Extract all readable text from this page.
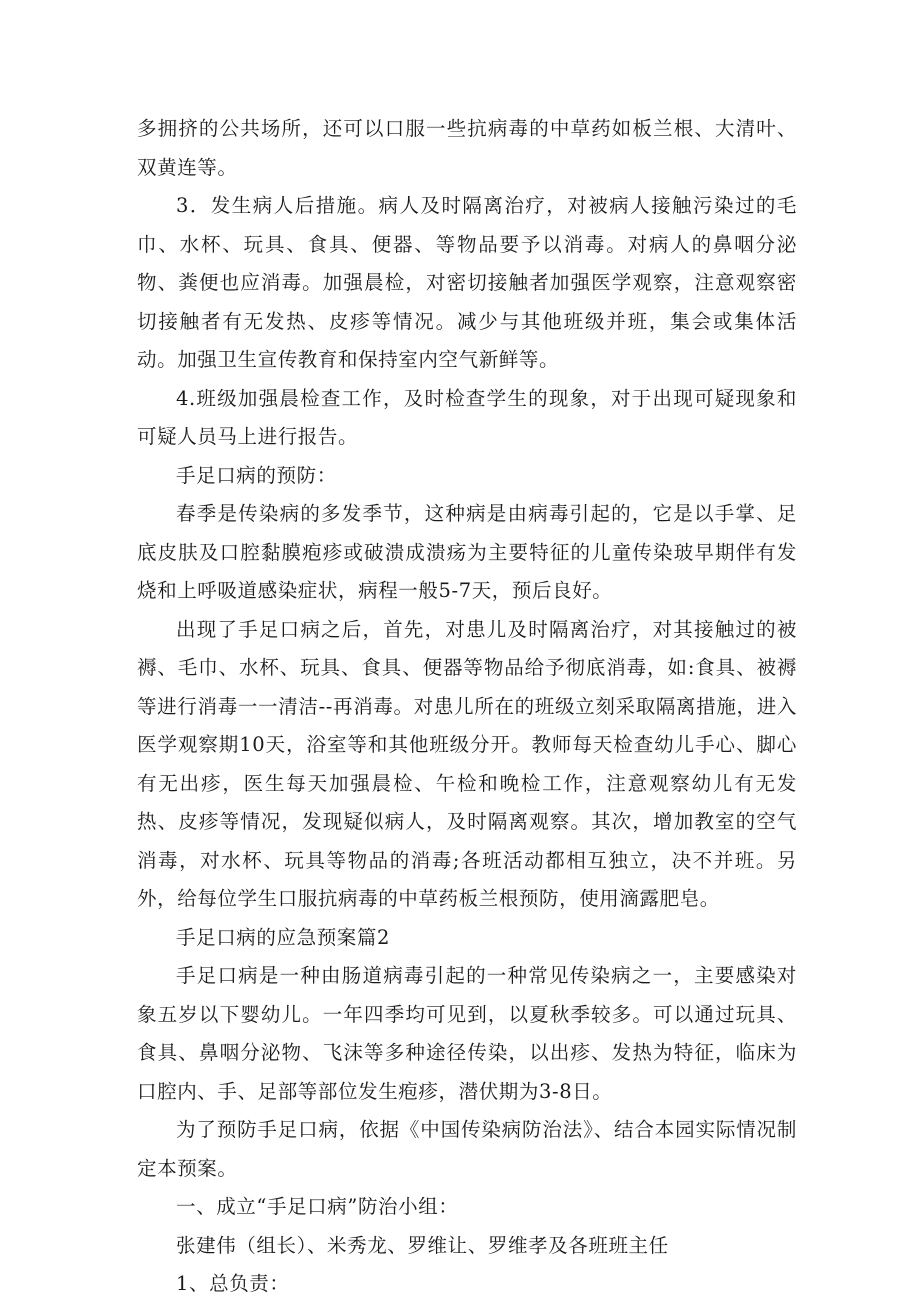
多拥挤的公共场所，还可以口服一些抗病毒的中草药如板兰根、大清叶、双黄连等。

3．发生病人后措施。病人及时隔离治疗，对被病人接触污染过的毛巾、水杯、玩具、食具、便器、等物品要予以消毒。对病人的鼻咽分泌物、粪便也应消毒。加强晨检，对密切接触者加强医学观察，注意观察密切接触者有无发热、皮疹等情况。减少与其他班级并班，集会或集体活动。加强卫生宣传教育和保持室内空气新鲜等。

4.班级加强晨检查工作，及时检查学生的现象，对于出现可疑现象和可疑人员马上进行报告。

手足口病的预防：

春季是传染病的多发季节，这种病是由病毒引起的，它是以手掌、足底皮肤及口腔黏膜疱疹或破溃成溃疡为主要特征的儿童传染玻早期伴有发烧和上呼吸道感染症状，病程一般5-7天，预后良好。

出现了手足口病之后，首先，对患儿及时隔离治疗，对其接触过的被褥、毛巾、水杯、玩具、食具、便器等物品给予彻底消毒，如:食具、被褥等进行消毒一一清洁--再消毒。对患儿所在的班级立刻采取隔离措施，进入医学观察期10天，浴室等和其他班级分开。教师每天检查幼儿手心、脚心有无出疹，医生每天加强晨检、午检和晚检工作，注意观察幼儿有无发热、皮疹等情况，发现疑似病人，及时隔离观察。其次，增加教室的空气消毒，对水杯、玩具等物品的消毒;各班活动都相互独立，决不并班。另外，给每位学生口服抗病毒的中草药板兰根预防，使用滴露肥皂。

手足口病的应急预案篇2

手足口病是一种由肠道病毒引起的一种常见传染病之一，主要感染对象五岁以下婴幼儿。一年四季均可见到，以夏秋季较多。可以通过玩具、食具、鼻咽分泌物、飞沫等多种途径传染，以出疹、发热为特征，临床为口腔内、手、足部等部位发生疱疹，潜伏期为3-8日。

为了预防手足口病，依据《中国传染病防治法》、结合本园实际情况制定本预案。

一、成立“手足口病”防治小组：

张建伟（组长）、米秀龙、罗维让、罗维孝及各班班主任

1、总负责：
